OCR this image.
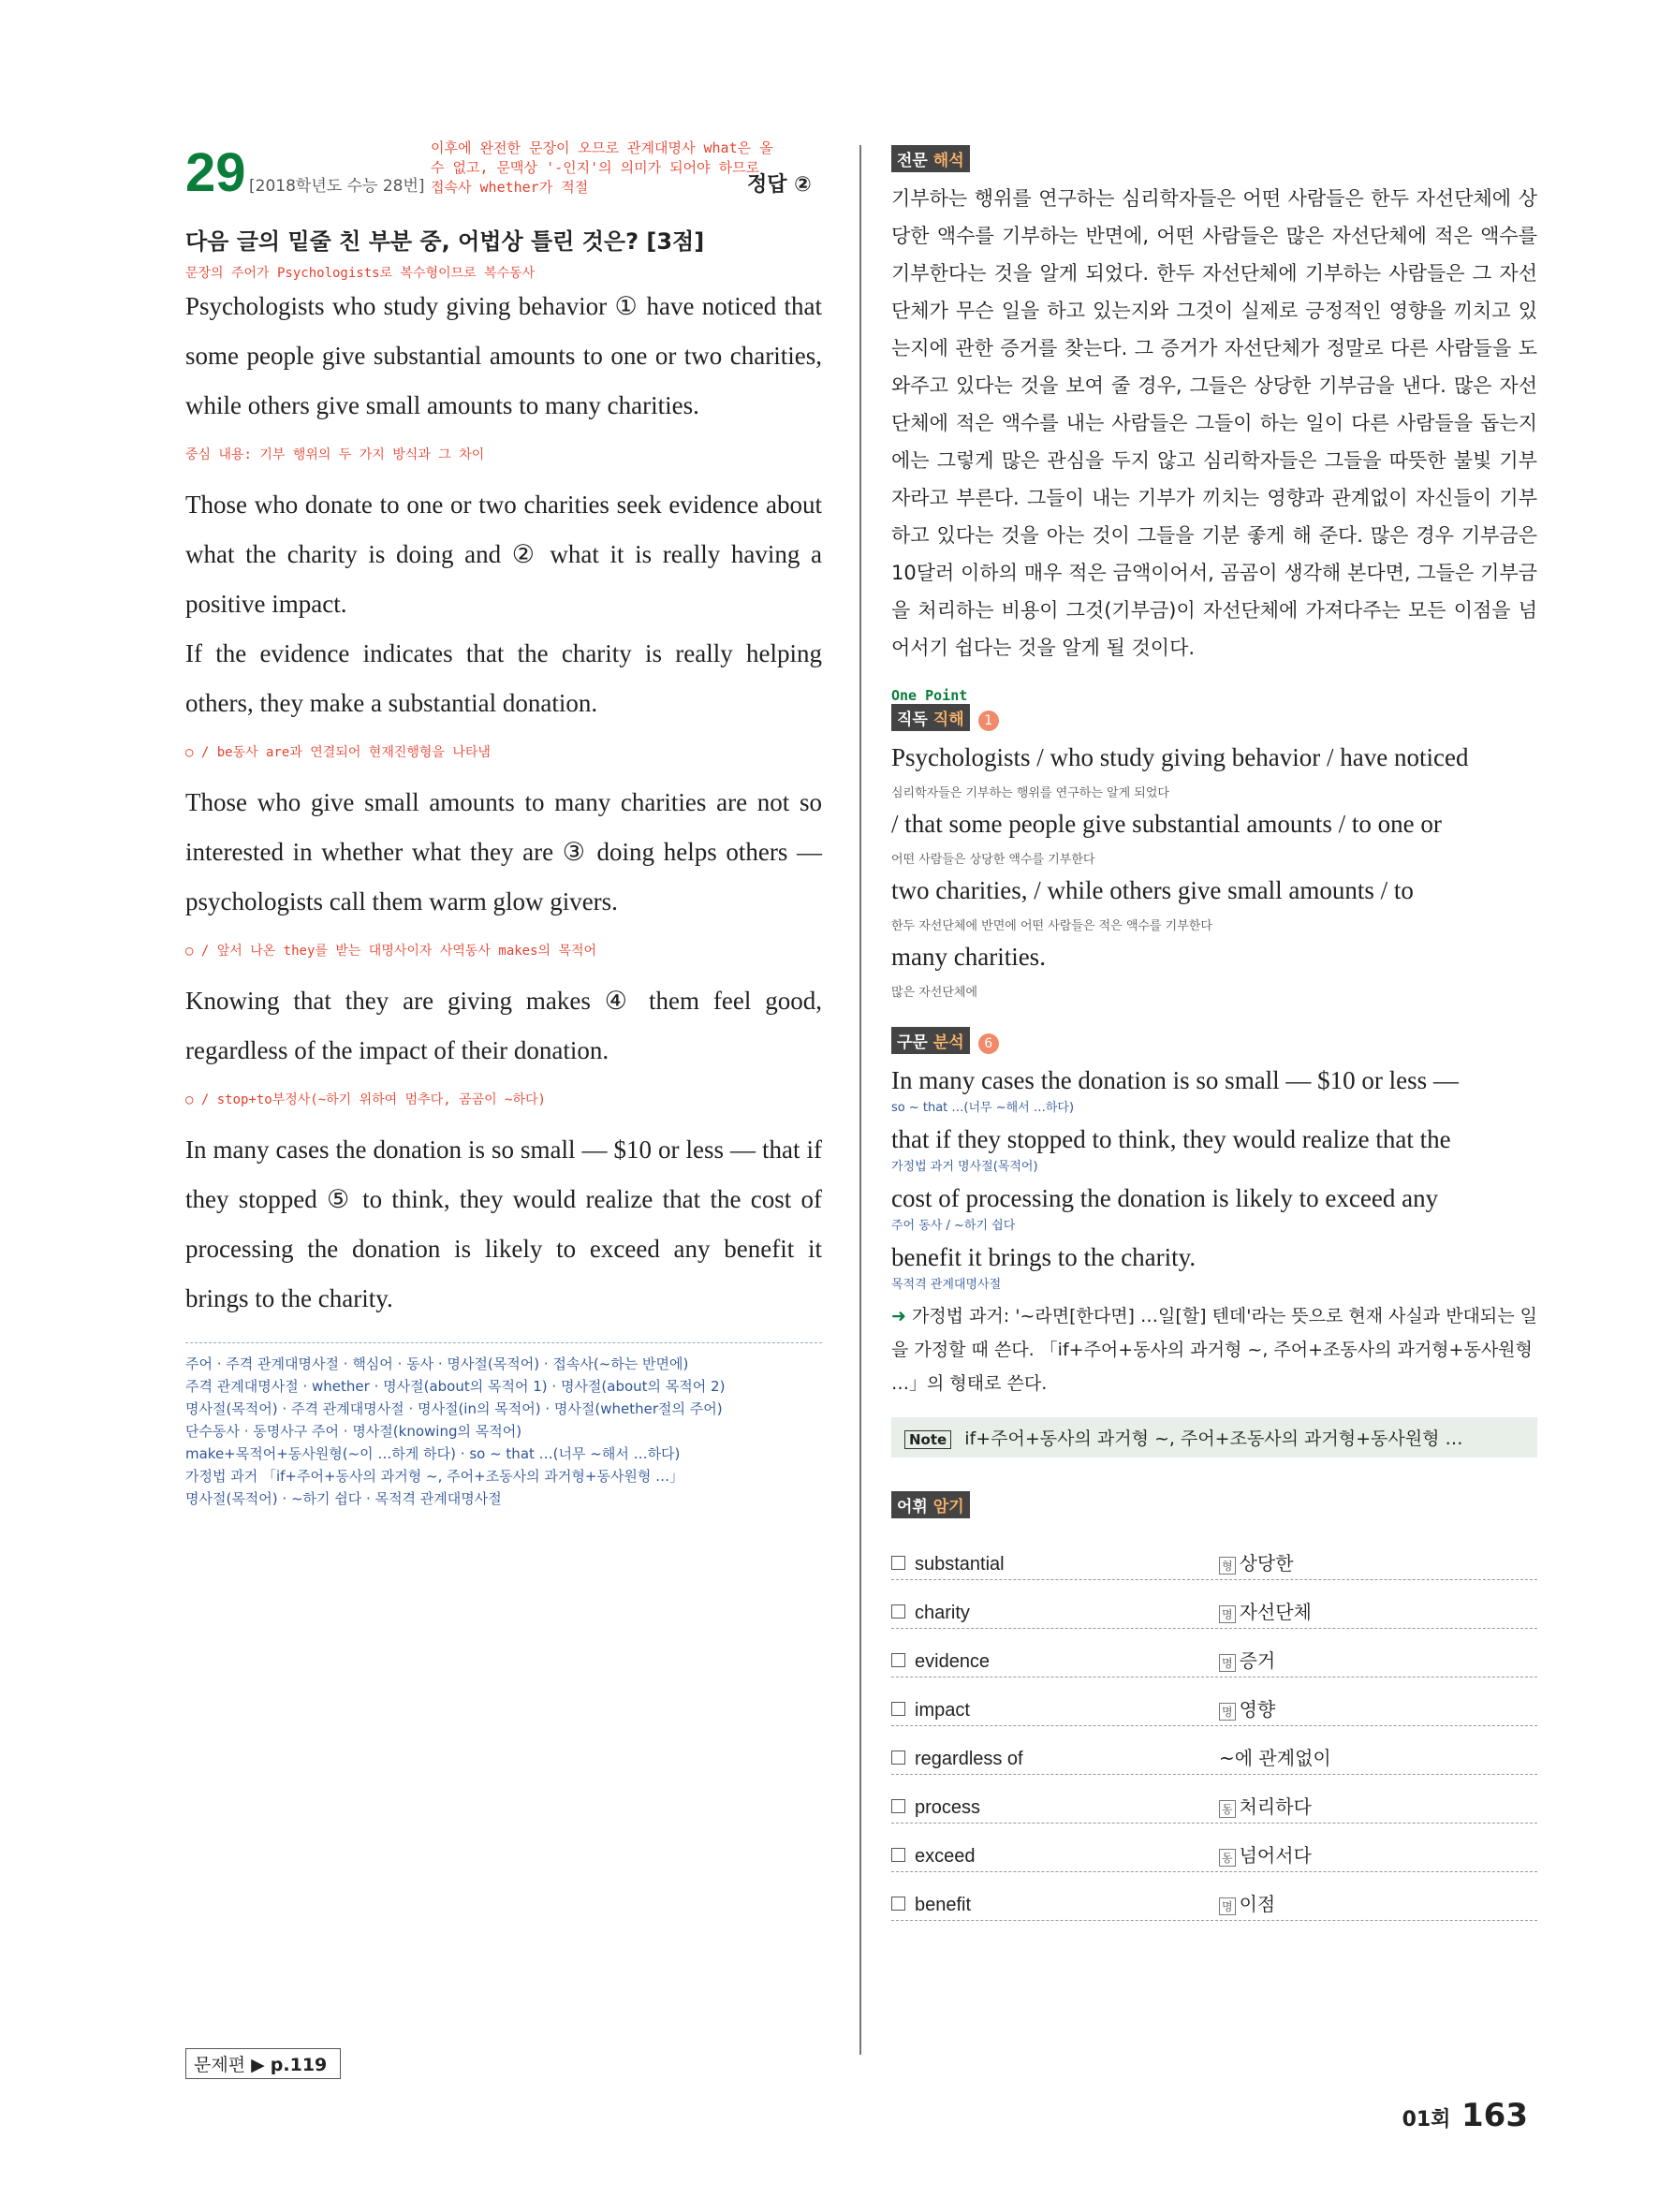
29 [2018학년도 수능 28번]
이후에 완전한 문장이 오므로 관계대명사 what은 올 수 없고, 문맥상 '-인지'의 의미가 되어야 하므로 접속사 whether가 적절	정답 ②
다음 글의 밑줄 친 부분 중, 어법상 틀린 것은? [3점]
문장의 주어가 Psychologists로 복수형이므로 복수동사

Psychologists who study giving behavior ① have noticed that some people give substantial amounts to one or two charities, while others give small amounts to many charities.

중심 내용: 기부 행위의 두 가지 방식과 그 차이

Those who donate to one or two charities seek evidence about what the charity is doing and ② what it is really having a positive impact.

If the evidence indicates that the charity is really helping others, they make a substantial donation.

○ / be동사 are과 연결되어 현재진행형을 나타냄

Those who give small amounts to many charities are not so interested in whether what they are ③ doing helps others — psychologists call them warm glow givers.

○ / 앞서 나온 they를 받는 대명사이자 사역동사 makes의 목적어

Knowing that they are giving makes ④ them feel good, regardless of the impact of their donation.

○ / stop+to부정사(~하기 위하여 멈추다, 곰곰이 ~하다)

In many cases the donation is so small — $10 or less — that if they stopped ⑤ to think, they would realize that the cost of processing the donation is likely to exceed any benefit it brings to the charity.

주어 · 주격 관계대명사절 · 핵심어 · 동사 · 명사절(목적어) · 접속사(~하는 반면에)
주격 관계대명사절 · whether · 명사절(about의 목적어 1) · 명사절(about의 목적어 2)
명사절(목적어) · 주격 관계대명사절 · 명사절(in의 목적어) · 명사절(whether절의 주어)
단수동사 · 동명사구 주어 · 명사절(knowing의 목적어)
make+목적어+동사원형(~이 …하게 하다) · so ~ that …(너무 ~해서 …하다)
가정법 과거 「if+주어+동사의 과거형 ~, 주어+조동사의 과거형+동사원형 …」
명사절(목적어) · ~하기 쉽다 · 목적격 관계대명사절
문제편 ▶ p.119
전문 해석
기부하는 행위를 연구하는 심리학자들은 어떤 사람들은 한두 자선단체에 상당한 액수를 기부하는 반면에, 어떤 사람들은 많은 자선단체에 적은 액수를 기부한다는 것을 알게 되었다. 한두 자선단체에 기부하는 사람들은 그 자선단체가 무슨 일을 하고 있는지와 그것이 실제로 긍정적인 영향을 끼치고 있는지에 관한 증거를 찾는다. 그 증거가 자선단체가 정말로 다른 사람들을 도와주고 있다는 것을 보여 줄 경우, 그들은 상당한 기부금을 낸다. 많은 자선단체에 적은 액수를 내는 사람들은 그들이 하는 일이 다른 사람들을 돕는지에는 그렇게 많은 관심을 두지 않고 심리학자들은 그들을 따뜻한 불빛 기부자라고 부른다. 그들이 내는 기부가 끼치는 영향과 관계없이 자신들이 기부하고 있다는 것을 아는 것이 그들을 기분 좋게 해 준다. 많은 경우 기부금은 10달러 이하의 매우 적은 금액이어서, 곰곰이 생각해 본다면, 그들은 기부금을 처리하는 비용이 그것(기부금)이 자선단체에 가져다주는 모든 이점을 넘어서기 쉽다는 것을 알게 될 것이다.
One Point
직독 직해 1

Psychologists / who study giving behavior / have noticed

심리학자들은 기부하는 행위를 연구하는 알게 되었다

/ that some people give substantial amounts / to one or

어떤 사람들은 상당한 액수를 기부한다

two charities, / while others give small amounts / to

한두 자선단체에 반면에 어떤 사람들은 적은 액수를 기부한다

many charities.

많은 자선단체에

구문 분석 6

In many cases the donation is so small — $10 or less —

so ~ that …(너무 ~해서 …하다)

that if they stopped to think, they would realize that the

가정법 과거 명사절(목적어)

cost of processing the donation is likely to exceed any

주어 동사 / ~하기 쉽다

benefit it brings to the charity.

목적격 관계대명사절

➜ 가정법 과거: '~라면[한다면] …일[할] 텐데'라는 뜻으로 현재 사실과 반대되는 일을 가정할 때 쓴다. 「if+주어+동사의 과거형 ~, 주어+조동사의 과거형+동사원형 …」의 형태로 쓴다.
Note if+주어+동사의 과거형 ~, 주어+조동사의 과거형+동사원형 …
어휘 암기
substantial	형 상당한
charity	명 자선단체
evidence	명 증거
impact	명 영향
regardless of	~에 관계없이
process	동 처리하다
exceed	동 넘어서다
benefit	명 이점
01회 163
